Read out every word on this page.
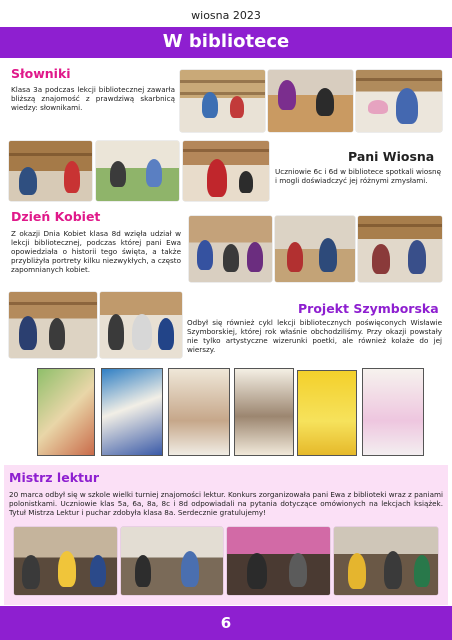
wiosna 2023
W bibliotece
Słowniki
Klasa 3a podczas lekcji bibliotecznej zawarła bliższą znajomość z prawdziwą skarbnicą wiedzy: słownikami.
Pani Wiosna
Uczniowie 6c i 6d w bibliotece spotkali wiosnę i mogli doświadczyć jej różnymi zmysłami.
Dzień Kobiet
Z okazji Dnia Kobiet klasa 8d wzięła udział w lekcji bibliotecznej, podczas której pani Ewa opowiedziała o historii tego święta, a także przybliżyła portrety kilku niezwykłych, a często zapomnianych kobiet.
Projekt Szymborska
Odbył się również cykl lekcji bibliotecznych poświęconych Wisławie Szymborskiej, której rok właśnie obchodziliśmy. Przy okazji powstały nie tylko artystyczne wizerunki poetki, ale również kolaże do jej wierszy.
Mistrz lektur
20 marca odbył się w szkole wielki turniej znajomości lektur. Konkurs zorganizowała pani Ewa z biblioteki wraz z paniami polonistkami. Uczniowie klas 5a, 6a, 8a, 8c i 8d odpowiadali na pytania dotyczące omówionych na lekcjach książek. Tytuł Mistrza Lektur i puchar zdobyła klasa 8a. Serdecznie gratulujemy!
6
